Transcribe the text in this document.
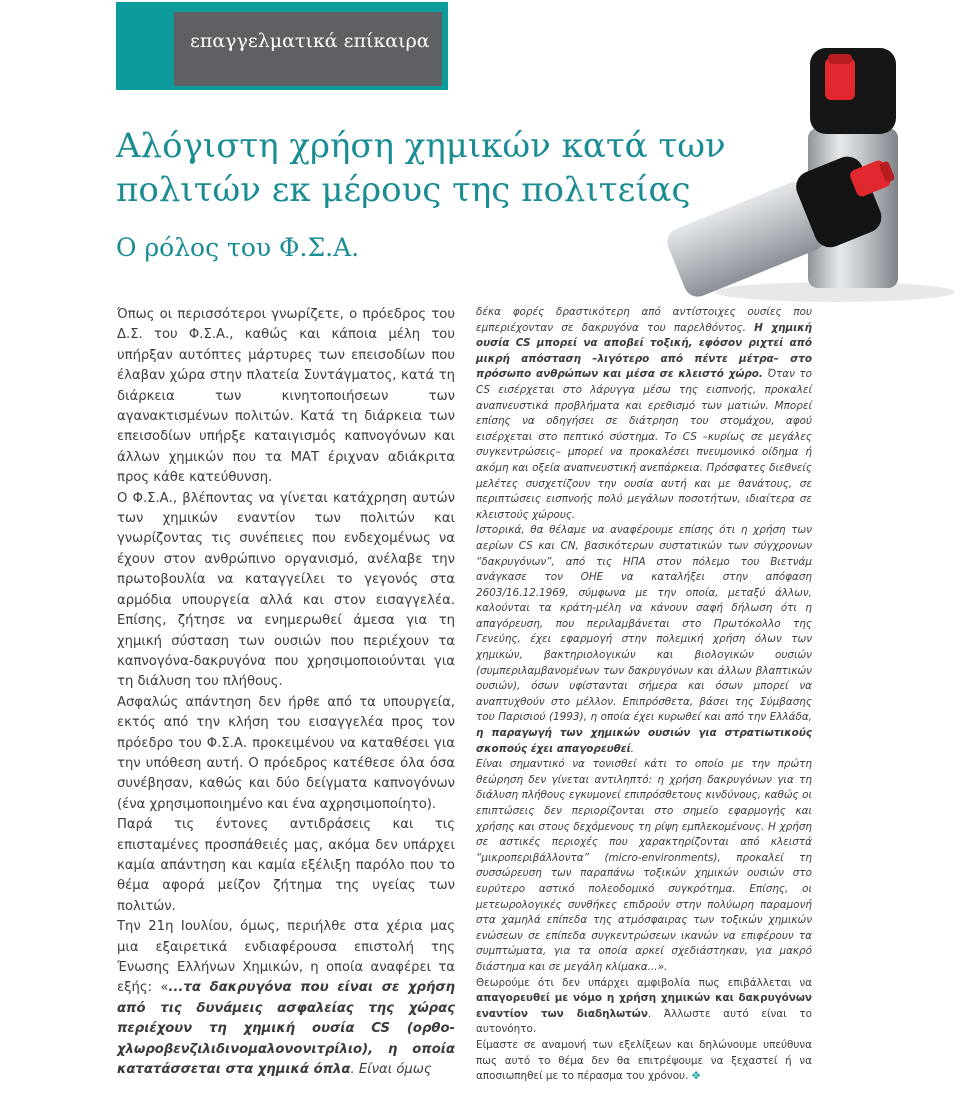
επαγγελματικά επίκαιρα
Αλόγιστη χρήση χημικών κατά των πολιτών εκ μέρους της πολιτείας
Ο ρόλος του Φ.Σ.Α.

Όπως οι περισσότεροι γνωρίζετε, ο πρόεδρος του Δ.Σ. του Φ.Σ.Α., καθώς και κάποια μέλη του υπήρξαν αυτόπτες μάρτυρες των επεισοδίων που έλαβαν χώρα στην πλατεία Συντάγματος, κατά τη διάρκεια των κινητοποιήσεων των αγανακτισμένων πολιτών. Κατά τη διάρκεια των επεισοδίων υπήρξε καταιγισμός καπνογόνων και άλλων χημικών που τα ΜΑΤ έριχναν αδιάκριτα προς κάθε κατεύθυνση.

Ο Φ.Σ.Α., βλέποντας να γίνεται κατάχρηση αυτών των χημικών εναντίον των πολιτών και γνωρίζοντας τις συνέπειες που ενδεχομένως να έχουν στον ανθρώπινο οργανισμό, ανέλαβε την πρωτοβουλία να καταγγείλει το γεγονός στα αρμόδια υπουργεία αλλά και στον εισαγγελέα. Επίσης, ζήτησε να ενημερωθεί άμεσα για τη χημική σύσταση των ουσιών που περιέχουν τα καπνογόνα-δακρυγόνα που χρησιμοποιούνται για τη διάλυση του πλήθους.

Ασφαλώς απάντηση δεν ήρθε από τα υπουργεία, εκτός από την κλήση του εισαγγελέα προς τον πρόεδρο του Φ.Σ.Α. προκειμένου να καταθέσει για την υπόθεση αυτή. Ο πρόεδρος κατέθεσε όλα όσα συνέβησαν, καθώς και δύο δείγματα καπνογόνων (ένα χρησιμοποιημένο και ένα αχρησιμοποίητο).

Παρά τις έντονες αντιδράσεις και τις επισταμένες προσπάθειές μας, ακόμα δεν υπάρχει καμία απάντηση και καμία εξέλιξη παρόλο που το θέμα αφορά μείζον ζήτημα της υγείας των πολιτών.

Την 21η Ιουλίου, όμως, περιήλθε στα χέρια μας μια εξαιρετικά ενδιαφέρουσα επιστολή της Ένωσης Ελλήνων Χημικών, η οποία αναφέρει τα εξής: «...τα δακρυγόνα που είναι σε χρήση από τις δυνάμεις ασφαλείας της χώρας περιέχουν τη χημική ουσία CS (ορθο-χλωροβενζιλιδινομαλονονιτρίλιο), η οποία κατατάσσεται στα χημικά όπλα. Είναι όμως

δέκα φορές δραστικότερη από αντίστοιχες ουσίες που εμπεριέχονταν σε δακρυγόνα του παρελθόντος. Η χημική ουσία CS μπορεί να αποβεί τοξική, εφόσον ριχτεί από μικρή απόσταση –λιγότερο από πέντε μέτρα– στο πρόσωπο ανθρώπων και μέσα σε κλειστό χώρο. Όταν το CS εισέρχεται στο λάρυγγα μέσω της εισπνοής, προκαλεί αναπνευστικά προβλήματα και ερεθισμό των ματιών. Μπορεί επίσης να οδηγήσει σε διάτρηση του στομάχου, αφού εισέρχεται στο πεπτικό σύστημα. Το CS –κυρίως σε μεγάλες συγκεντρώσεις– μπορεί να προκαλέσει πνευμονικό οίδημα ή ακόμη και οξεία αναπνευστική ανεπάρκεια. Πρόσφατες διεθνείς μελέτες συσχετίζουν την ουσία αυτή και με θανάτους, σε περιπτώσεις εισπνοής πολύ μεγάλων ποσοτήτων, ιδιαίτερα σε κλειστούς χώρους.

Ιστορικά, θα θέλαμε να αναφέρουμε επίσης ότι η χρήση των αερίων CS και CN, βασικότερων συστατικών των σύγχρονων “δακρυγόνων”, από τις ΗΠΑ στον πόλεμο του Βιετνάμ ανάγκασε τον ΟΗΕ να καταλήξει στην απόφαση 2603/16.12.1969, σύμφωνα με την οποία, μεταξύ άλλων, καλούνται τα κράτη-μέλη να κάνουν σαφή δήλωση ότι η απαγόρευση, που περιλαμβάνεται στο Πρωτόκολλο της Γενεύης, έχει εφαρμογή στην πολεμική χρήση όλων των χημικών, βακτηριολογικών και βιολογικών ουσιών (συμπεριλαμβανομένων των δακρυγόνων και άλλων βλαπτικών ουσιών), όσων υφίστανται σήμερα και όσων μπορεί να αναπτυχθούν στο μέλλον. Επιπρόσθετα, βάσει της Σύμβασης του Παρισιού (1993), η οποία έχει κυρωθεί και από την Ελλάδα, η παραγωγή των χημικών ουσιών για στρατιωτικούς σκοπούς έχει απαγορευθεί.

Είναι σημαντικό να τονισθεί κάτι το οποίο με την πρώτη θεώρηση δεν γίνεται αντιληπτό: η χρήση δακρυγόνων για τη διάλυση πλήθους εγκυμονεί επιπρόσθετους κινδύνους, καθώς οι επιπτώσεις δεν περιορίζονται στο σημείο εφαρμογής και χρήσης και στους δεχόμενους τη ρίψη εμπλεκομένους. Η χρήση σε αστικές περιοχές που χαρακτηρίζονται από κλειστά “μικροπεριβάλλοντα” (micro-environments), προκαλεί τη συσσώρευση των παραπάνω τοξικών χημικών ουσιών στο ευρύτερο αστικό πολεοδομικό συγκρότημα. Επίσης, οι μετεωρολογικές συνθήκες επιδρούν στην πολύωρη παραμονή στα χαμηλά επίπεδα της ατμόσφαιρας των τοξικών χημικών ενώσεων σε επίπεδα συγκεντρώσεων ικανών να επιφέρουν τα συμπτώματα, για τα οποία αρκεί σχεδιάστηκαν, για μακρό διάστημα και σε μεγάλη κλίμακα...».

Θεωρούμε ότι δεν υπάρχει αμφιβολία πως επιβάλλεται να απαγορευθεί με νόμο η χρήση χημικών και δακρυγόνων εναντίον των διαδηλωτών. Άλλωστε αυτό είναι το αυτονόητο.

Είμαστε σε αναμονή των εξελίξεων και δηλώνουμε υπεύθυνα πως αυτό το θέμα δεν θα επιτρέψουμε να ξεχαστεί ή να αποσιωπηθεί με το πέρασμα του χρόνου. ✥
